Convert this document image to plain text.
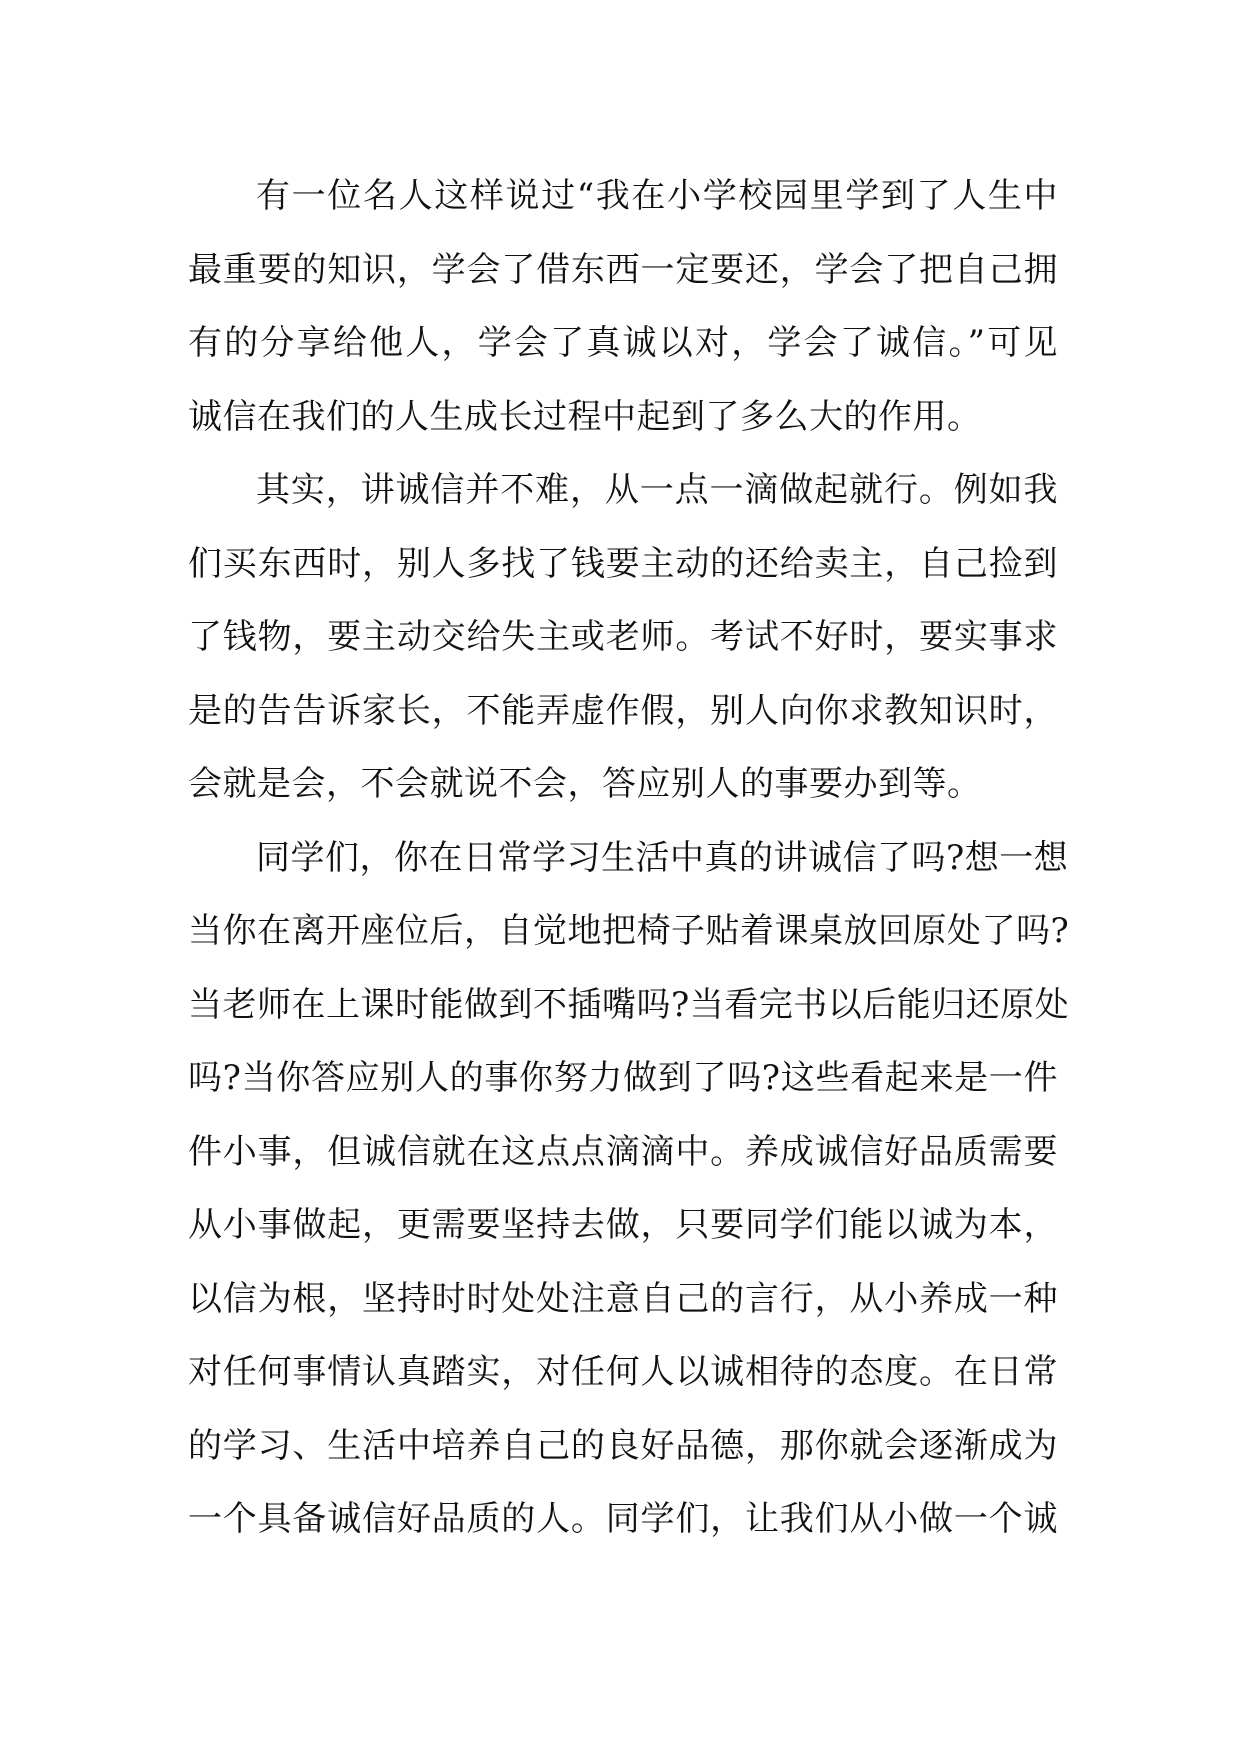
有一位名人这样说过“我在小学校园里学到了人生中
最重要的知识，学会了借东西一定要还，学会了把自己拥
有的分享给他人，学会了真诚以对，学会了诚信。”可见
诚信在我们的人生成长过程中起到了多么大的作用。
其实，讲诚信并不难，从一点一滴做起就行。例如我
们买东西时，别人多找了钱要主动的还给卖主，自己捡到
了钱物，要主动交给失主或老师。考试不好时，要实事求
是的告告诉家长，不能弄虚作假，别人向你求教知识时，
会就是会，不会就说不会，答应别人的事要办到等。
同学们，你在日常学习生活中真的讲诚信了吗?想一想
当你在离开座位后，自觉地把椅子贴着课桌放回原处了吗?
当老师在上课时能做到不插嘴吗?当看完书以后能归还原处
吗?当你答应别人的事你努力做到了吗?这些看起来是一件
件小事，但诚信就在这点点滴滴中。养成诚信好品质需要
从小事做起，更需要坚持去做，只要同学们能以诚为本，
以信为根，坚持时时处处注意自己的言行，从小养成一种
对任何事情认真踏实，对任何人以诚相待的态度。在日常
的学习、生活中培养自己的良好品德，那你就会逐渐成为
一个具备诚信好品质的人。同学们，让我们从小做一个诚
